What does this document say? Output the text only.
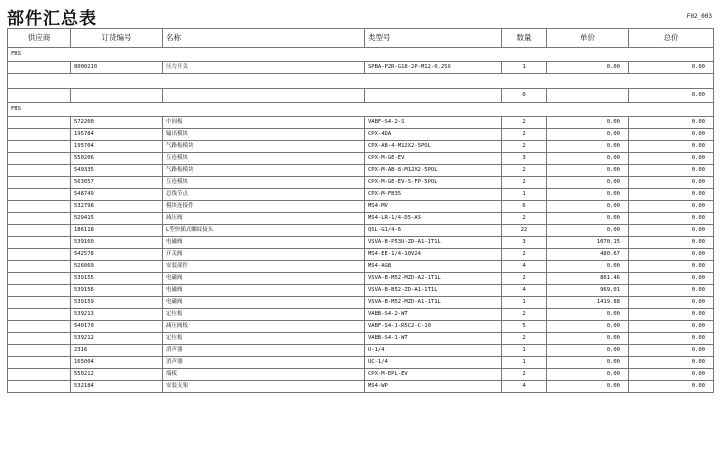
部件汇总表	F02_003
供应商	订货编号	名称	类型号	数量	单价	总价
FBS						
	8000210	压力开关	SPBA-P2R-G18-2P-M12-0.25X	1	0.00	0.00

				0		0.00
FBS						
	572200	中间板	VABF-S4-2-S	2	0.00	0.00
	195784	输出模块	CPX-4DA	2	0.00	0.00
	195704	气路板模块	CPX-AB-4-M12X2-5POL	2	0.00	0.00
	550206	互连模块	CPX-M-GE-EV	3	0.00	0.00
	549335	气路板模块	CPX-M-AB-8-M12X2-5POL	2	0.00	0.00
	563057	互连模块	CPX-M-GE-EV-S-FP-5POL	2	0.00	0.00
	548749	总线节点	CPX-M-FB35	1	0.00	0.00
	532798	模块连接件	MS4-MV	6	0.00	0.00
	529415	减压阀	MS4-LR-1/4-D5-AS	2	0.00	0.00
	186118	L型快插式螺纹接头	QSL-G1/4-6	22	0.00	0.00
	539160	电磁阀	VSVA-B-P53U-ZD-A1-1T1L	3	1070.15	0.00
	542578	开关阀	MS4-EE-1/4-10V24	2	480.67	0.00
	526069	安装部件	MS4-AGB	4	0.00	0.00
	539155	电磁阀	VSVA-B-M52-MZD-A2-1T1L	2	861.46	0.00
	539156	电磁阀	VSVA-B-B52-ZD-A1-1T1L	4	969.01	0.00
	539159	电磁阀	VSVA-B-M52-MZD-A1-1T1L	1	1419.88	0.00
	539213	定位板	VABB-S4-2-WT	2	0.00	0.00
	540170	减压阀板	VABF-S4-1-R5C2-C-10	5	0.00	0.00
	539212	定位板	VABB-S4-1-WT	2	0.00	0.00
	2316	消声器	U-1/4	1	0.00	0.00
	165004	消声器	UC-1/4	1	0.00	0.00
	550212	端板	CPX-M-EPL-EV	2	0.00	0.00
	532184	安装支架	MS4-WP	4	0.00	0.00
